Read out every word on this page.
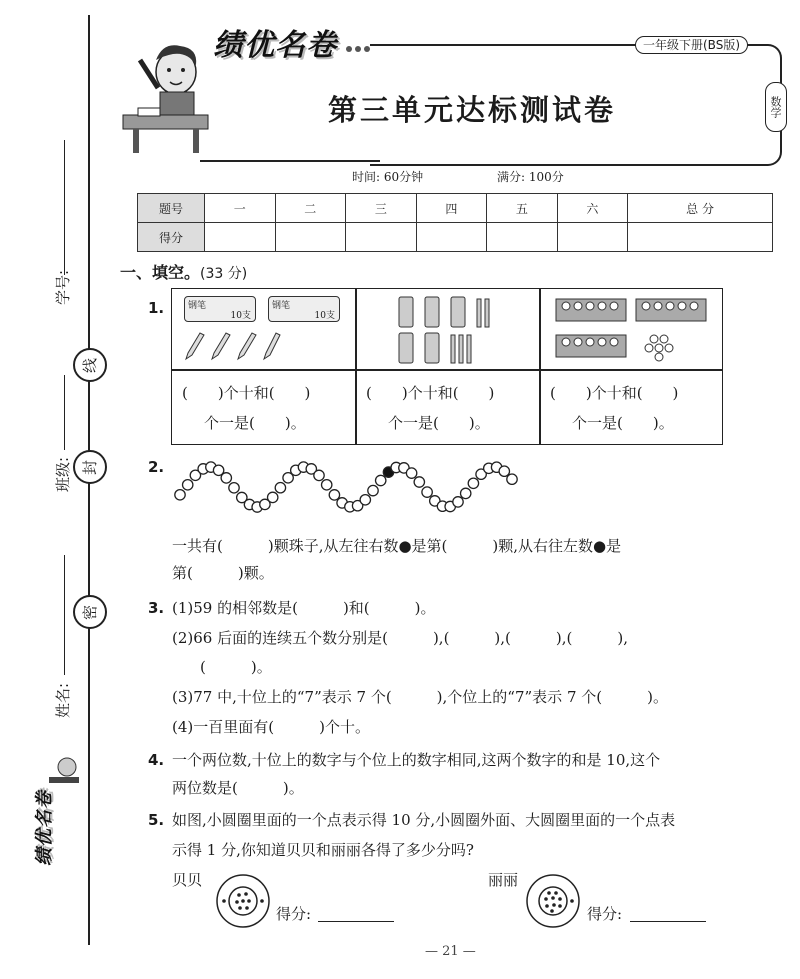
学号:
线
班级: 封
密
姓名:
绩优名卷
绩优名卷	一年级下册(BS版)
数学
第三单元达标测试卷
时间: 60分钟	满分: 100分
题号	一	二	三	四	五	六	总 分
得分							
一、填空。(33 分)
1.	钢笔
10支
钢笔
10支
(　　)个十和(　　)
个一是(　　)。
(　　)个十和(　　)
个一是(　　)。
(　　)个十和(　　)
个一是(　　)。
2.
一共有(　　　)颗珠子,从左往右数●是第(　　　)颗,从右往左数●是
第(　　　)颗。
3. (1)59 的相邻数是(　　　)和(　　　)。
(2)66 后面的连续五个数分别是(　　　),(　　　),(　　　),(　　　),
(　　　)。
(3)77 中,十位上的“7”表示 7 个(　　　),个位上的“7”表示 7 个(　　　)。
(4)一百里面有(　　　)个十。
4. 一个两位数,十位上的数字与个位上的数字相同,这两个数字的和是 10,这个
两位数是(　　　)。
5. 如图,小圆圈里面的一个点表示得 10 分,小圆圈外面、大圆圈里面的一个点表
示得 1 分,你知道贝贝和丽丽各得了多少分吗?
贝贝
得分:
丽丽
得分:
— 21 —
